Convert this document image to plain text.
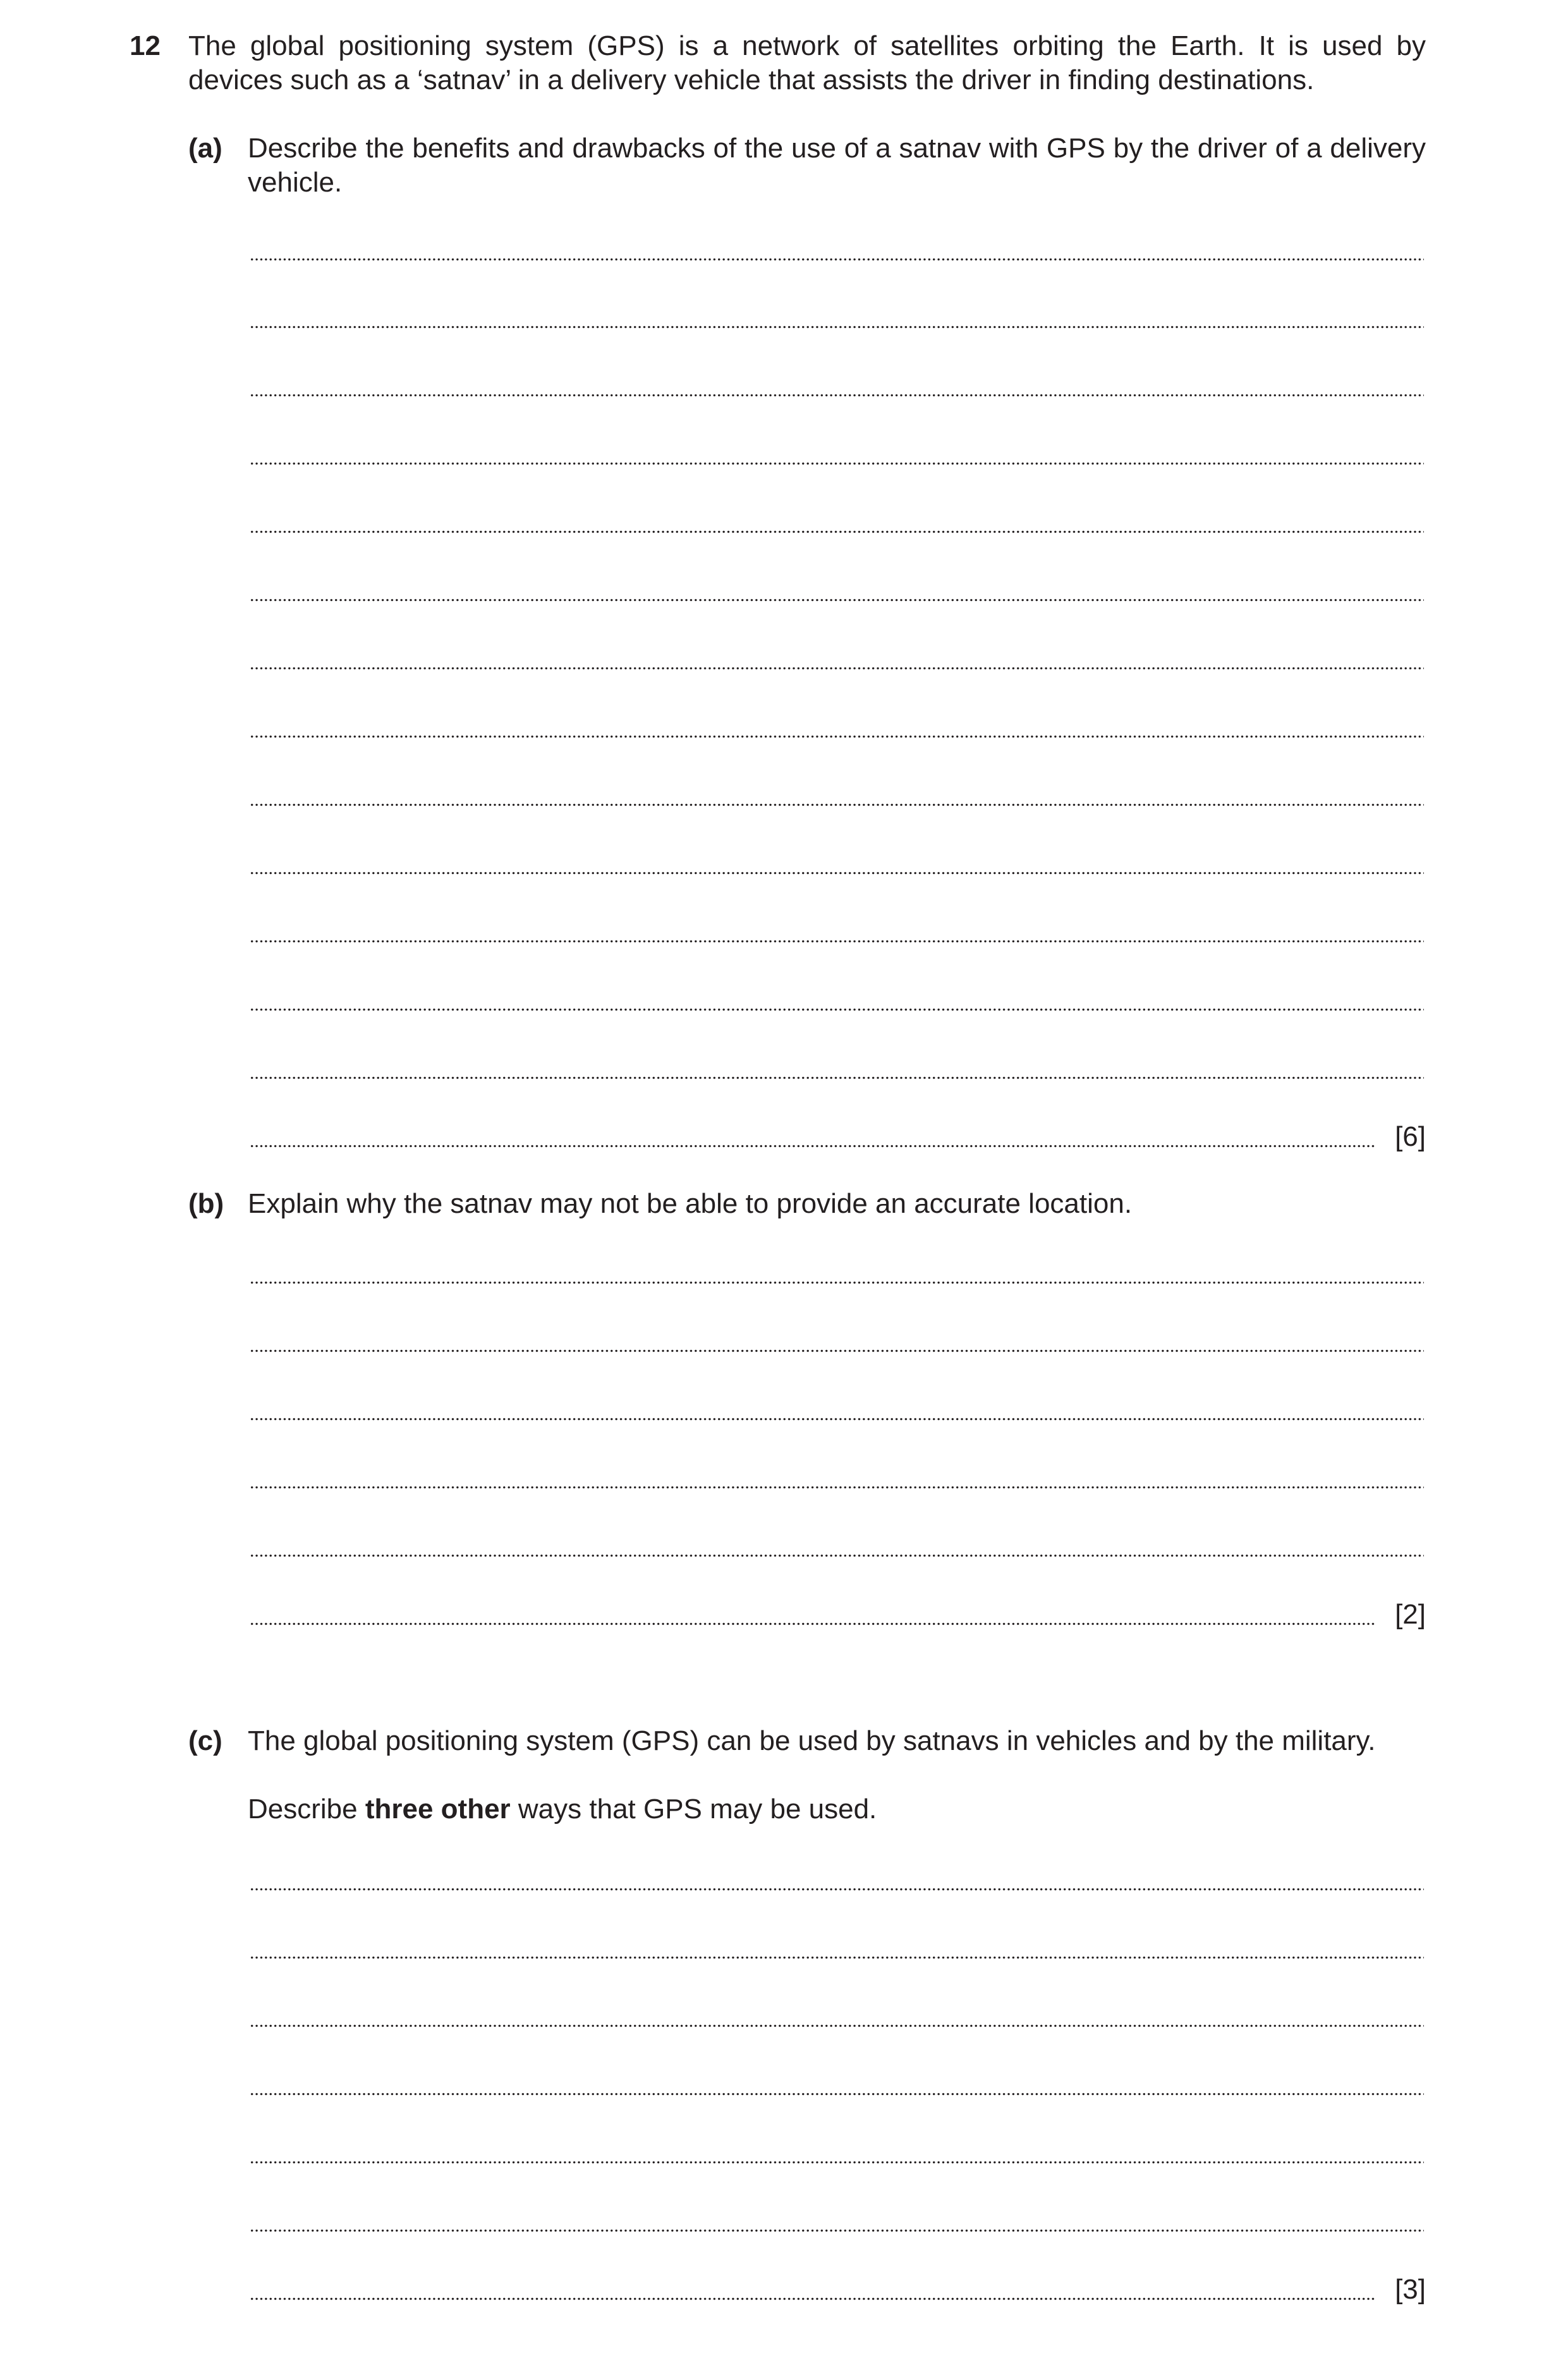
12 The global positioning system (GPS) is a network of satellites orbiting the Earth. It is used by devices such as a ‘satnav’ in a delivery vehicle that assists the driver in finding destinations.
(a) Describe the benefits and drawbacks of the use of a satnav with GPS by the driver of a delivery vehicle.
[6]
(b) Explain why the satnav may not be able to provide an accurate location.
[2]
(c) The global positioning system (GPS) can be used by satnavs in vehicles and by the military.
Describe three other ways that GPS may be used.
[3]
